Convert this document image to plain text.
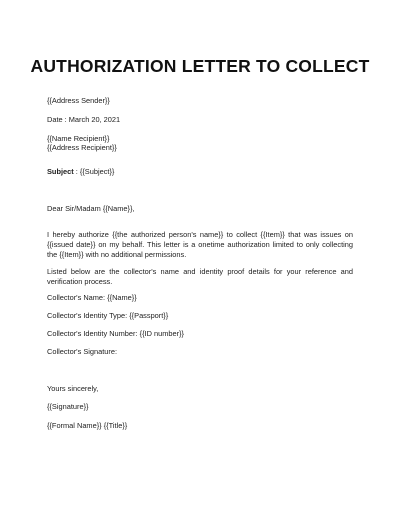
AUTHORIZATION LETTER TO COLLECT
{{Address Sender}}
Date : March 20, 2021
{{Name Recipient}}
{{Address Recipient}}
Subject : {{Subject}}
Dear Sir/Madam {{Name}},
I hereby authorize {{the authorized person's name}} to collect {{Item}} that was issues on {{issued date}} on my behalf. This letter is a onetime authorization limited to only collecting the {{Item}} with no additional permissions.
Listed below are the collector's name and identity proof details for your reference and verification process.
Collector's Name: {{Name}}
Collector's Identity Type: {{Passport}}
Collector's Identity Number: {{ID number}}
Collector's Signature:
Yours sincerely,
{{Signature}}
{{Formal Name}} {{Title}}
